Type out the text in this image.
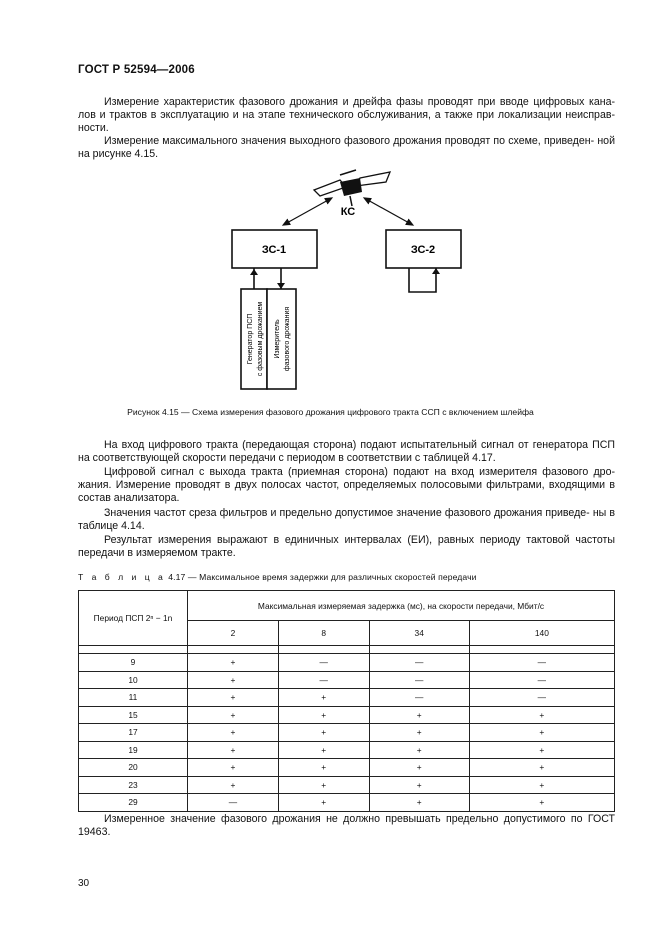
ГОСТ Р 52594—2006

Измерение характеристик фазового дрожания и дрейфа фазы проводят при вводе цифровых кана- лов и трактов в эксплуатацию и на этапе технического обслуживания, а также при локализации неисправ- ности.

Измерение максимального значения выходного фазового дрожания проводят по схеме, приведен- ной на рисунке 4.15.

КС
ЗС-1	ЗС-2
Генератор ПСП с фазовым дрожанием Измеритель фазового дрожания
Рисунок 4.15 — Схема измерения фазового дрожания цифрового тракта ССП с включением шлейфа

На вход цифрового тракта (передающая сторона) подают испытательный сигнал от генератора ПСП на соответствующей скорости передачи с периодом в соответствии с таблицей 4.17.

Цифровой сигнал с выхода тракта (приемная сторона) подают на вход измерителя фазового дро- жания. Измерение проводят в двух полосах частот, определяемых полосовыми фильтрами, входящими в состав анализатора.

Значения частот среза фильтров и предельно допустимое значение фазового дрожания приведе- ны в таблице 4.14.

Результат измерения выражают в единичных интервалах (ЕИ), равных периоду тактовой частоты передачи в измеряемом тракте.

Т а б л и ц а 4.17 — Максимальное время задержки для различных скоростей передачи
Период ПСП 2ⁿ − 1n	Максимальная измеряемая задержка (мс), на скорости передачи, Мбит/с			
	2	8	34	140

9	+	—	—	—
10	+	—	—	—
11	+	+	—	—
15	+	+	+	+
17	+	+	+	+
19	+	+	+	+
20	+	+	+	+
23	+	+	+	+
29	—	+	+	+

Измеренное значение фазового дрожания не должно превышать предельно допустимого по ГОСТ 19463.

30
